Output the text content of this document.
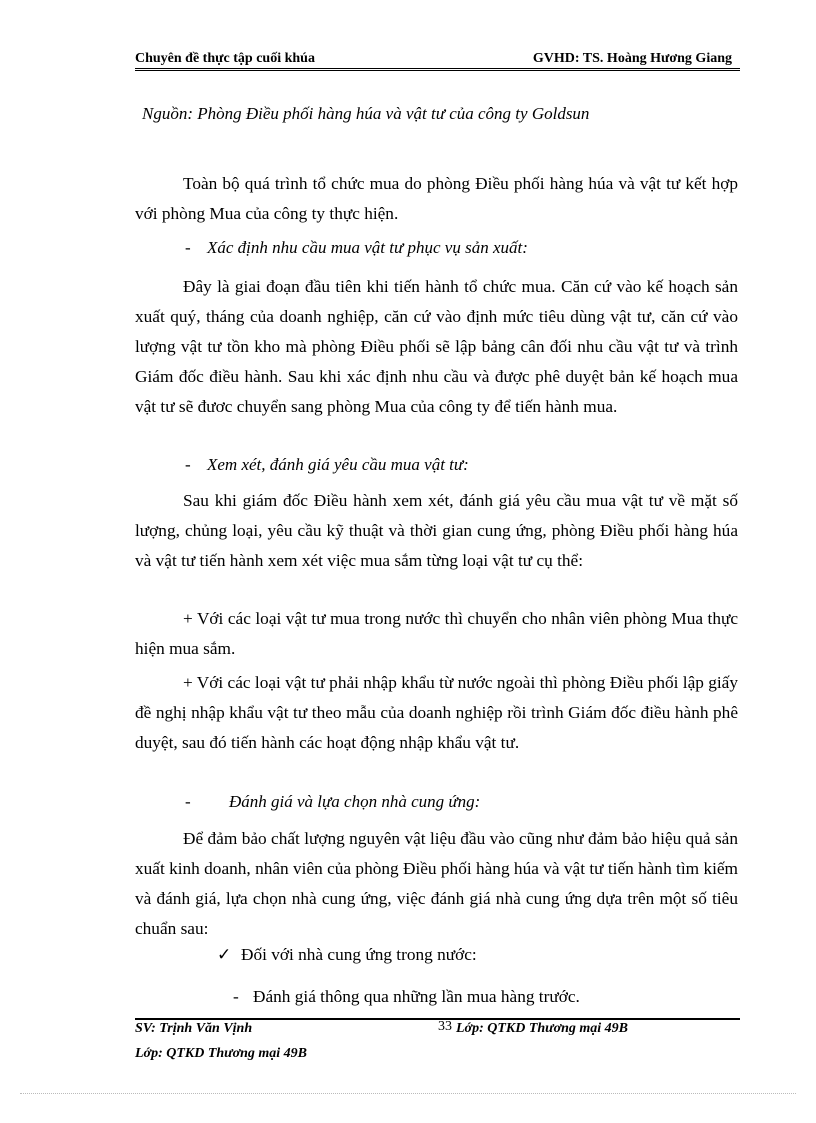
Chuyên đề thực tập cuối khúa	GVHD: TS. Hoàng Hương Giang
Nguồn: Phòng Điều phối hàng húa và vật tư của công ty Goldsun

Toàn bộ quá trình tổ chức mua do phòng Điều phối hàng húa và vật tư kết hợp với phòng Mua của công ty thực hiện.

- Xác định nhu cầu mua vật tư phục vụ sản xuất:

Đây là giai đoạn đầu tiên khi tiến hành tổ chức mua. Căn cứ vào kế hoạch sản xuất quý, tháng của doanh nghiệp, căn cứ vào định mức tiêu dùng vật tư, căn cứ vào lượng vật tư tồn kho mà phòng Điều phối sẽ lập bảng cân đối nhu cầu vật tư và trình Giám đốc điều hành. Sau khi xác định nhu cầu và được phê duyệt bản kế hoạch mua vật tư sẽ đươc chuyển sang phòng Mua của công ty để tiến hành mua.

- Xem xét, đánh giá yêu cầu mua vật tư:

Sau khi giám đốc Điều hành xem xét, đánh giá yêu cầu mua vật tư về mặt số lượng, chủng loại, yêu cầu kỹ thuật và thời gian cung ứng, phòng Điều phối hàng húa và vật tư tiến hành xem xét việc mua sắm từng loại vật tư cụ thể:

+ Với các loại vật tư mua trong nước thì chuyển cho nhân viên phòng Mua thực hiện mua sắm.

+ Với các loại vật tư phải nhập khẩu từ nước ngoài thì phòng Điều phối lập giấy đề nghị nhập khẩu vật tư theo mẫu của doanh nghiệp rồi trình Giám đốc điều hành phê duyệt, sau đó tiến hành các hoạt động nhập khẩu vật tư.

- Đánh giá và lựa chọn nhà cung ứng:

Để đảm bảo chất lượng nguyên vật liệu đầu vào cũng như đảm bảo hiệu quả sản xuất kinh doanh, nhân viên của phòng Điều phối hàng húa và vật tư tiến hành tìm kiếm và đánh giá, lựa chọn nhà cung ứng, việc đánh giá nhà cung ứng dựa trên một số tiêu chuẩn sau:

✓ Đối với nhà cung ứng trong nước:
- Đánh giá thông qua những lần mua hàng trước.
SV: Trịnh Văn Vịnh	33 Lớp: QTKD Thương mại 49B
Lớp: QTKD Thương mại 49B
